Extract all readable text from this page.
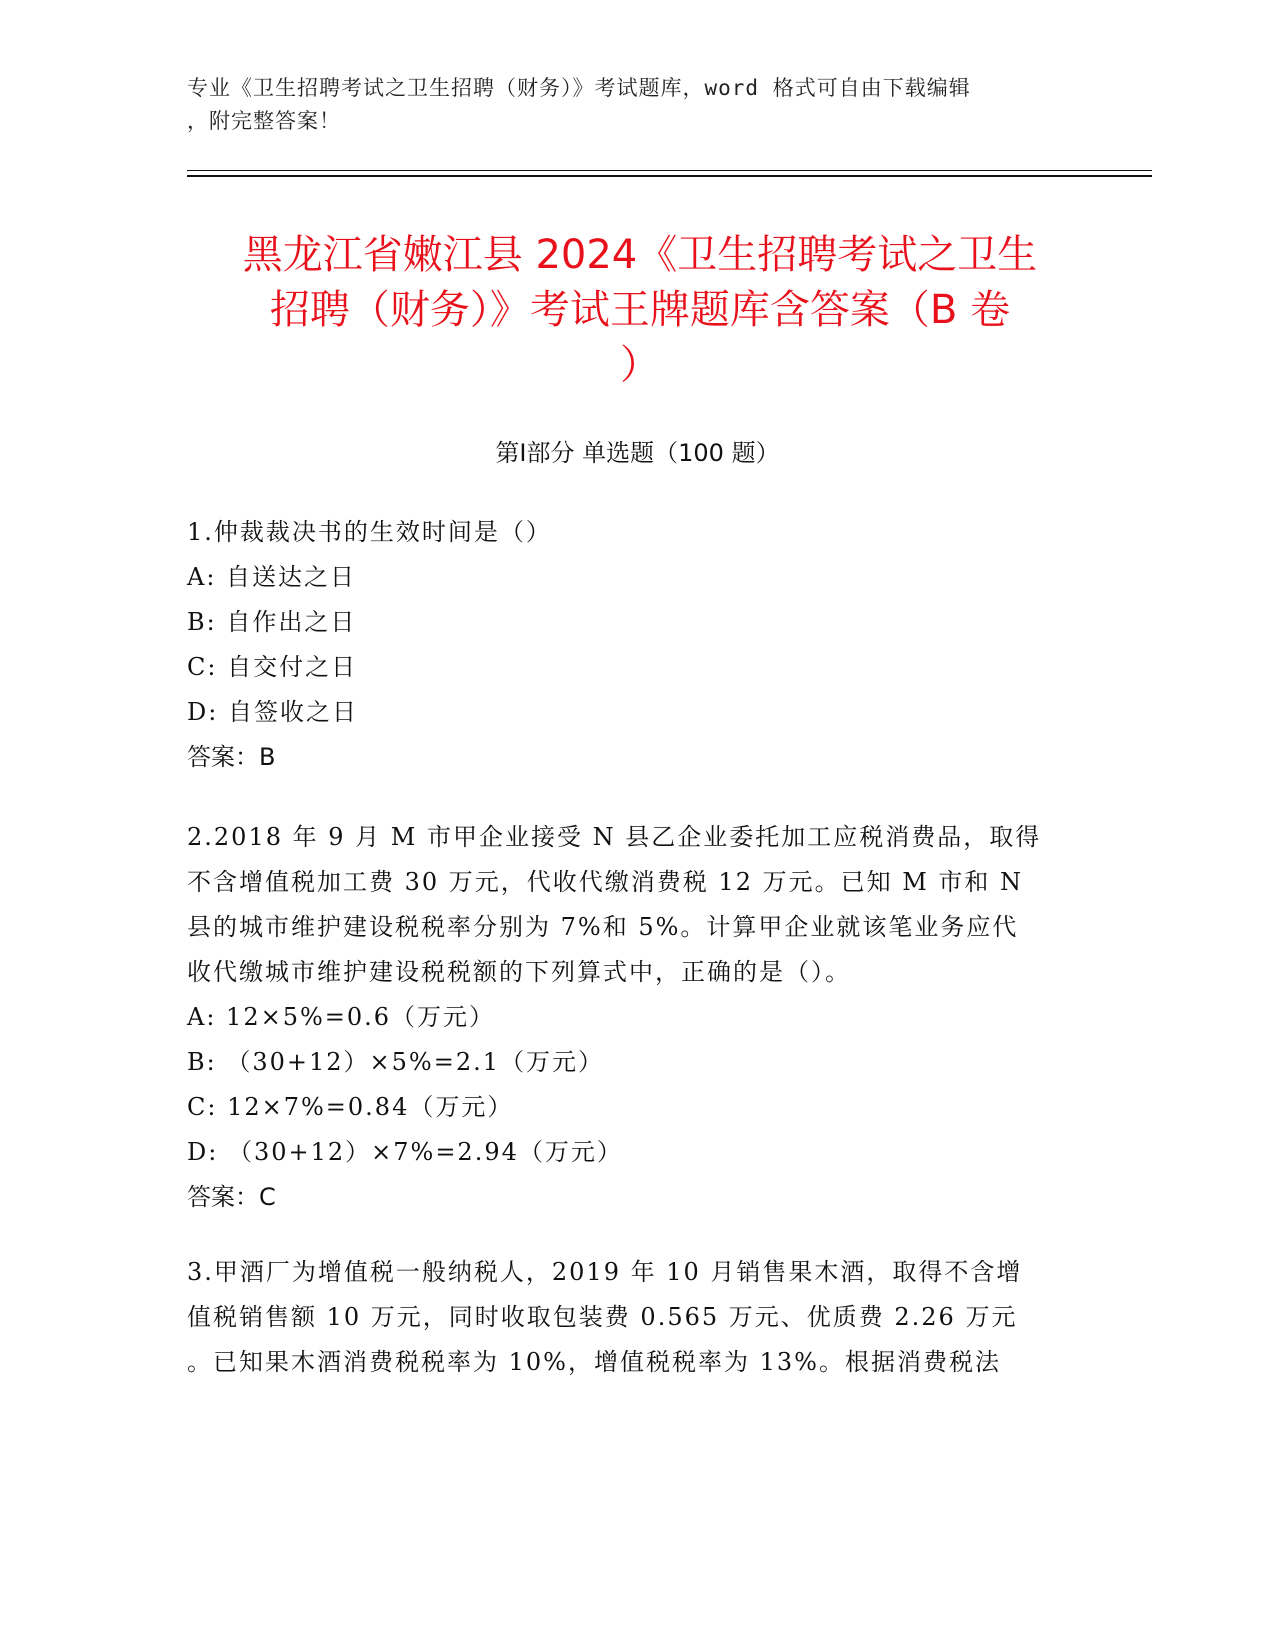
专业《卫生招聘考试之卫生招聘（财务）》考试题库，word 格式可自由下载编辑
，附完整答案！
黑龙江省嫩江县 2024《卫生招聘考试之卫生
招聘（财务）》考试王牌题库含答案（B 卷
）
第Ⅰ部分 单选题（100 题）

1.仲裁裁决书的生效时间是（）

A: 自送达之日

B: 自作出之日

C: 自交付之日

D: 自签收之日

答案：B

2.2018 年 9 月 M 市甲企业接受 N 县乙企业委托加工应税消费品，取得

不含增值税加工费 30 万元，代收代缴消费税 12 万元。已知 M 市和 N

县的城市维护建设税税率分别为 7%和 5%。计算甲企业就该笔业务应代

收代缴城市维护建设税税额的下列算式中，正确的是（）。

A: 12×5%=0.6（万元）

B: （30+12）×5%=2.1（万元）

C: 12×7%=0.84（万元）

D: （30+12）×7%=2.94（万元）

答案：C

3.甲酒厂为增值税一般纳税人，2019 年 10 月销售果木酒，取得不含增

值税销售额 10 万元，同时收取包装费 0.565 万元、优质费 2.26 万元

。已知果木酒消费税税率为 10%，增值税税率为 13%。根据消费税法
